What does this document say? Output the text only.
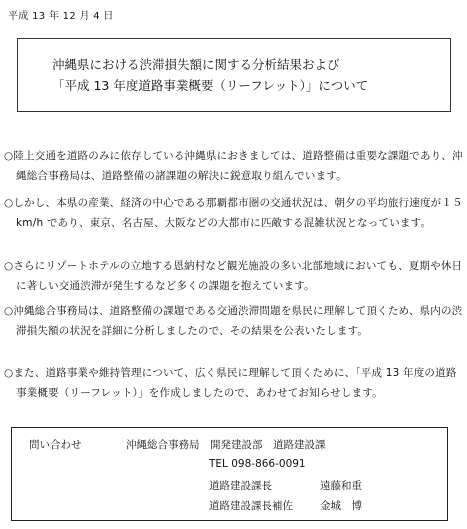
平成 13 年 12 月 4 日
沖縄県における渋滞損失額に関する分析結果および
「平成 13 年度道路事業概要（リーフレット）」について
○陸上交通を道路のみに依存している沖縄県におきましては、道路整備は重要な課題であり、沖縄総合事務局は、道路整備の諸課題の解決に鋭意取り組んでいます。
○しかし、本県の産業、経済の中心である那覇都市圏の交通状況は、朝夕の平均旅行速度が１５ km/h であり、東京、名古屋、大阪などの大都市に匹敵する混雑状況となっています。
○さらにリゾートホテルの立地する恩納村など観光施設の多い北部地域においても、夏期や休日に著しい交通渋滞が発生するなど多くの課題を抱えています。
○沖縄総合事務局は、道路整備の課題である交通渋滞問題を県民に理解して頂くため、県内の渋滞損失額の状況を詳細に分析しましたので、その結果を公表いたします。
○また、道路事業や維持管理について、広く県民に理解して頂くために、「平成 13 年度の道路事業概要（リーフレット）」を作成しましたので、あわせてお知らせします。
問い合わせ	沖縄総合事務局　開発建設部　道路建設課
TEL 098-866-0091
道路建設課長	遠藤和重
道路建設課長補佐	金城　博
